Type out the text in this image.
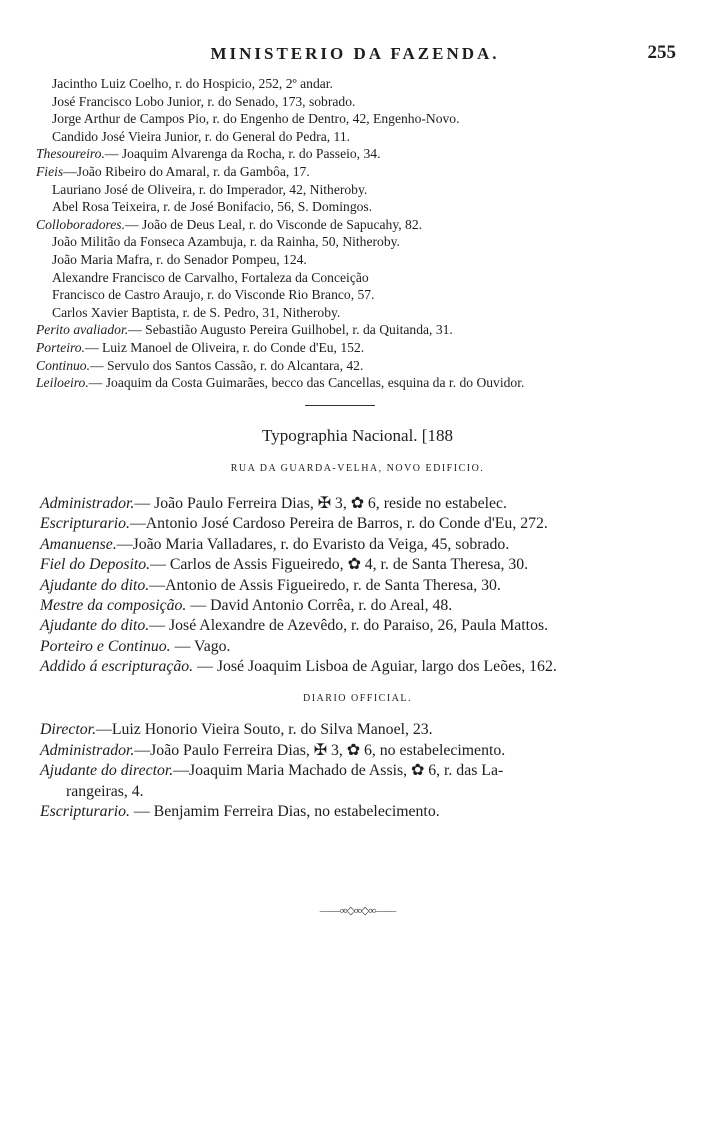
MINISTERIO DA FAZENDA.	255
Jacintho Luiz Coelho, r. do Hospicio, 252, 2º andar.
José Francisco Lobo Junior, r. do Senado, 173, sobrado.
Jorge Arthur de Campos Pio, r. do Engenho de Dentro, 42, Engenho-Novo.
Candido José Vieira Junior, r. do General do Pedra, 11.
Thesoureiro.— Joaquim Alvarenga da Rocha, r. do Passeio, 34.
Fieis—João Ribeiro do Amaral, r. da Gambôa, 17.
Lauriano José de Oliveira, r. do Imperador, 42, Nitheroby.
Abel Rosa Teixeira, r. de José Bonifacio, 56, S. Domingos.
Colloboradores.— João de Deus Leal, r. do Visconde de Sapucahy, 82.
João Militão da Fonseca Azambuja, r. da Rainha, 50, Nitheroby.
João Maria Mafra, r. do Senador Pompeu, 124.
Alexandre Francisco de Carvalho, Fortaleza da Conceição
Francisco de Castro Araujo, r. do Visconde Rio Branco, 57.
Carlos Xavier Baptista, r. de S. Pedro, 31, Nitheroby.
Perito avaliador.— Sebastião Augusto Pereira Guilhobel, r. da Quitanda, 31.
Porteiro.— Luiz Manoel de Oliveira, r. do Conde d'Eu, 152.
Continuo.— Servulo dos Santos Cassão, r. do Alcantara, 42.
Leiloeiro.— Joaquim da Costa Guimarães, becco das Cancellas, esquina da r. do Ouvidor.
Typographia Nacional. [188
RUA DA GUARDA-VELHA, NOVO EDIFICIO.
Administrador.— João Paulo Ferreira Dias, ✠ 3, ✿ 6, reside no estabelec.
Escripturario.—Antonio José Cardoso Pereira de Barros, r. do Conde d'Eu, 272.
Amanuense.—João Maria Valladares, r. do Evaristo da Veiga, 45, sobrado.
Fiel do Deposito.— Carlos de Assis Figueiredo, ✿ 4, r. de Santa Theresa, 30.
Ajudante do dito.—Antonio de Assis Figueiredo, r. de Santa Theresa, 30.
Mestre da composição. — David Antonio Corrêa, r. do Areal, 48.
Ajudante do dito.— José Alexandre de Azevêdo, r. do Paraiso, 26, Paula Mattos.
Porteiro e Continuo. — Vago.
Addido á escripturação. — José Joaquim Lisboa de Aguiar, largo dos Leões, 162.
DIARIO OFFICIAL.
Director.—Luiz Honorio Vieira Souto, r. do Silva Manoel, 23.
Administrador.—João Paulo Ferreira Dias, ✠ 3, ✿ 6, no estabelecimento.
Ajudante do director.—Joaquim Maria Machado de Assis, ✿ 6, r. das La-
rangeiras, 4.
Escripturario. — Benjamim Ferreira Dias, no estabelecimento.
——∞◇∞◇∞——
